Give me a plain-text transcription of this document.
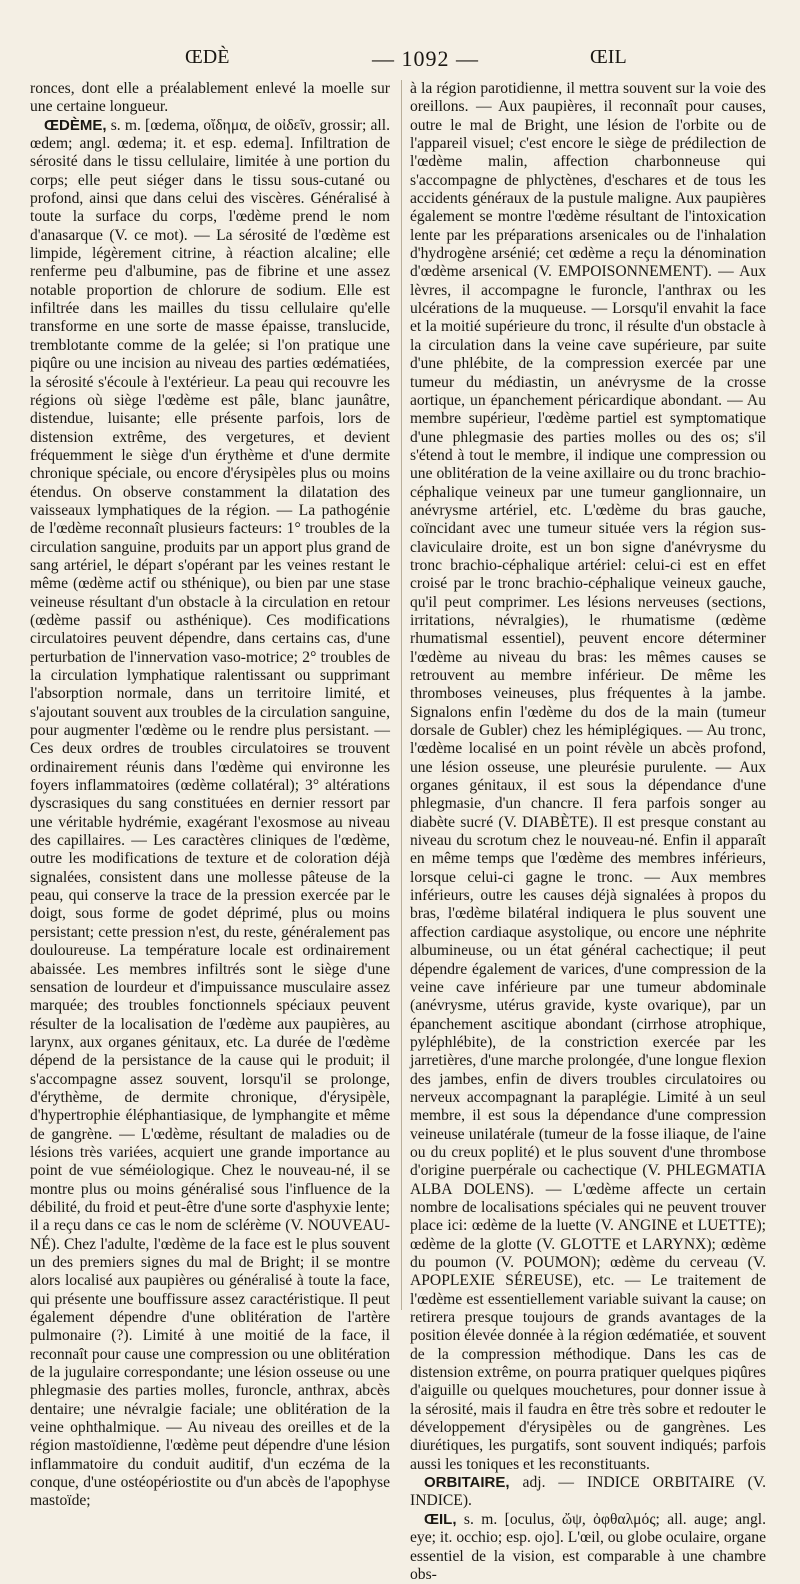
ŒDÈ	— 1092 —	ŒIL

ronces, dont elle a préalablement enlevé la moelle sur une certaine longueur.

ŒDÈME, s. m. [œdema, οἴδημα, de οἰδεῖν, grossir; all. œdem; angl. œdema; it. et esp. edema]. Infiltration de sérosité dans le tissu cellulaire, limitée à une portion du corps; elle peut siéger dans le tissu sous-cutané ou profond, ainsi que dans celui des viscères. Généralisé à toute la surface du corps, l'œdème prend le nom d'anasarque (V. ce mot). — La sérosité de l'œdème est limpide, légèrement citrine, à réaction alcaline; elle renferme peu d'albumine, pas de fibrine et une assez notable proportion de chlorure de sodium. Elle est infiltrée dans les mailles du tissu cellulaire qu'elle transforme en une sorte de masse épaisse, translucide, tremblotante comme de la gelée; si l'on pratique une piqûre ou une incision au niveau des parties œdématiées, la sérosité s'écoule à l'extérieur. La peau qui recouvre les régions où siège l'œdème est pâle, blanc jaunâtre, distendue, luisante; elle présente parfois, lors de distension extrême, des vergetures, et devient fréquemment le siège d'un érythème et d'une dermite chronique spéciale, ou encore d'érysipèles plus ou moins étendus. On observe constamment la dilatation des vaisseaux lymphatiques de la région. — La pathogénie de l'œdème reconnaît plusieurs facteurs: 1° troubles de la circulation sanguine, produits par un apport plus grand de sang artériel, le départ s'opérant par les veines restant le même (œdème actif ou sthénique), ou bien par une stase veineuse résultant d'un obstacle à la circulation en retour (œdème passif ou asthénique). Ces modifications circulatoires peuvent dépendre, dans certains cas, d'une perturbation de l'innervation vaso-motrice; 2° troubles de la circulation lymphatique ralentissant ou supprimant l'absorption normale, dans un territoire limité, et s'ajoutant souvent aux troubles de la circulation sanguine, pour augmenter l'œdème ou le rendre plus persistant. — Ces deux ordres de troubles circulatoires se trouvent ordinairement réunis dans l'œdème qui environne les foyers inflammatoires (œdème collatéral); 3° altérations dyscrasiques du sang constituées en dernier ressort par une véritable hydrémie, exagérant l'exosmose au niveau des capillaires. — Les caractères cliniques de l'œdème, outre les modifications de texture et de coloration déjà signalées, consistent dans une mollesse pâteuse de la peau, qui conserve la trace de la pression exercée par le doigt, sous forme de godet déprimé, plus ou moins persistant; cette pression n'est, du reste, généralement pas douloureuse. La température locale est ordinairement abaissée. Les membres infiltrés sont le siège d'une sensation de lourdeur et d'impuissance musculaire assez marquée; des troubles fonctionnels spéciaux peuvent résulter de la localisation de l'œdème aux paupières, au larynx, aux organes génitaux, etc. La durée de l'œdème dépend de la persistance de la cause qui le produit; il s'accompagne assez souvent, lorsqu'il se prolonge, d'érythème, de dermite chronique, d'érysipèle, d'hypertrophie éléphantiasique, de lymphangite et même de gangrène. — L'œdème, résultant de maladies ou de lésions très variées, acquiert une grande importance au point de vue séméiologique. Chez le nouveau-né, il se montre plus ou moins généralisé sous l'influence de la débilité, du froid et peut-être d'une sorte d'asphyxie lente; il a reçu dans ce cas le nom de sclérème (V. NOUVEAU-NÉ). Chez l'adulte, l'œdème de la face est le plus souvent un des premiers signes du mal de Bright; il se montre alors localisé aux paupières ou généralisé à toute la face, qui présente une bouffissure assez caractéristique. Il peut également dépendre d'une oblitération de l'artère pulmonaire (?). Limité à une moitié de la face, il reconnaît pour cause une compression ou une oblitération de la jugulaire correspondante; une lésion osseuse ou une phlegmasie des parties molles, furoncle, anthrax, abcès dentaire; une névralgie faciale; une oblitération de la veine ophthalmique. — Au niveau des oreilles et de la région mastoïdienne, l'œdème peut dépendre d'une lésion inflammatoire du conduit auditif, d'un eczéma de la conque, d'une ostéopériostite ou d'un abcès de l'apophyse mastoïde;

à la région parotidienne, il mettra souvent sur la voie des oreillons. — Aux paupières, il reconnaît pour causes, outre le mal de Bright, une lésion de l'orbite ou de l'appareil visuel; c'est encore le siège de prédilection de l'œdème malin, affection charbonneuse qui s'accompagne de phlyctènes, d'eschares et de tous les accidents généraux de la pustule maligne. Aux paupières également se montre l'œdème résultant de l'intoxication lente par les préparations arsenicales ou de l'inhalation d'hydrogène arsénié; cet œdème a reçu la dénomination d'œdème arsenical (V. EMPOISONNEMENT). — Aux lèvres, il accompagne le furoncle, l'anthrax ou les ulcérations de la muqueuse. — Lorsqu'il envahit la face et la moitié supérieure du tronc, il résulte d'un obstacle à la circulation dans la veine cave supérieure, par suite d'une phlébite, de la compression exercée par une tumeur du médiastin, un anévrysme de la crosse aortique, un épanchement péricardique abondant. — Au membre supérieur, l'œdème partiel est symptomatique d'une phlegmasie des parties molles ou des os; s'il s'étend à tout le membre, il indique une compression ou une oblitération de la veine axillaire ou du tronc brachio-céphalique veineux par une tumeur ganglionnaire, un anévrysme artériel, etc. L'œdème du bras gauche, coïncidant avec une tumeur située vers la région sus-claviculaire droite, est un bon signe d'anévrysme du tronc brachio-céphalique artériel: celui-ci est en effet croisé par le tronc brachio-céphalique veineux gauche, qu'il peut comprimer. Les lésions nerveuses (sections, irritations, névralgies), le rhumatisme (œdème rhumatismal essentiel), peuvent encore déterminer l'œdème au niveau du bras: les mêmes causes se retrouvent au membre inférieur. De même les thromboses veineuses, plus fréquentes à la jambe. Signalons enfin l'œdème du dos de la main (tumeur dorsale de Gubler) chez les hémiplégiques. — Au tronc, l'œdème localisé en un point révèle un abcès profond, une lésion osseuse, une pleurésie purulente. — Aux organes génitaux, il est sous la dépendance d'une phlegmasie, d'un chancre. Il fera parfois songer au diabète sucré (V. DIABÈTE). Il est presque constant au niveau du scrotum chez le nouveau-né. Enfin il apparaît en même temps que l'œdème des membres inférieurs, lorsque celui-ci gagne le tronc. — Aux membres inférieurs, outre les causes déjà signalées à propos du bras, l'œdème bilatéral indiquera le plus souvent une affection cardiaque asystolique, ou encore une néphrite albumineuse, ou un état général cachectique; il peut dépendre également de varices, d'une compression de la veine cave inférieure par une tumeur abdominale (anévrysme, utérus gravide, kyste ovarique), par un épanchement ascitique abondant (cirrhose atrophique, pyléphlébite), de la constriction exercée par les jarretières, d'une marche prolongée, d'une longue flexion des jambes, enfin de divers troubles circulatoires ou nerveux accompagnant la paraplégie. Limité à un seul membre, il est sous la dépendance d'une compression veineuse unilatérale (tumeur de la fosse iliaque, de l'aine ou du creux poplité) et le plus souvent d'une thrombose d'origine puerpérale ou cachectique (V. PHLEGMATIA ALBA DOLENS). — L'œdème affecte un certain nombre de localisations spéciales qui ne peuvent trouver place ici: œdème de la luette (V. ANGINE et LUETTE); œdème de la glotte (V. GLOTTE et LARYNX); œdème du poumon (V. POUMON); œdème du cerveau (V. APOPLEXIE SÉREUSE), etc. — Le traitement de l'œdème est essentiellement variable suivant la cause; on retirera presque toujours de grands avantages de la position élevée donnée à la région œdématiée, et souvent de la compression méthodique. Dans les cas de distension extrême, on pourra pratiquer quelques piqûres d'aiguille ou quelques mouchetures, pour donner issue à la sérosité, mais il faudra en être très sobre et redouter le développement d'érysipèles ou de gangrènes. Les diurétiques, les purgatifs, sont souvent indiqués; parfois aussi les toniques et les reconstituants.

ORBITAIRE, adj. — INDICE ORBITAIRE (V. INDICE).

ŒIL, s. m. [oculus, ὤψ, ὀφθαλμός; all. auge; angl. eye; it. occhio; esp. ojo]. L'œil, ou globe oculaire, organe essentiel de la vision, est comparable à une chambre obs-
